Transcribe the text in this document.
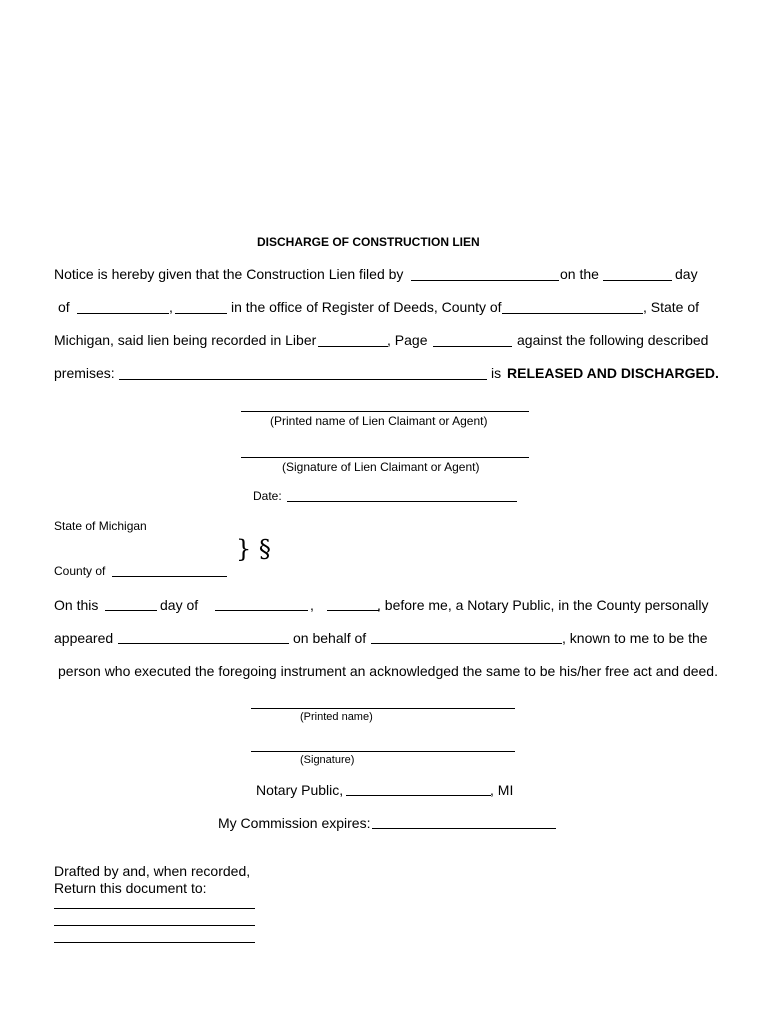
DISCHARGE OF CONSTRUCTION LIEN
Notice is hereby given that the Construction Lien filed by	on the	day
of	,	in the office of Register of Deeds, County of	, State of
Michigan, said lien being recorded in Liber	, Page	against the following described
premises:	is RELEASED AND DISCHARGED.
(Printed name of Lien Claimant or Agent)
(Signature of Lien Claimant or Agent)
Date:
State of Michigan
} §
County of
On this	day of	,	, before me, a Notary Public, in the County personally
appeared	on behalf of	, known to me to be the
person who executed the foregoing instrument an acknowledged the same to be his/her free act and deed.
(Printed name)
(Signature)
Notary Public,	, MI
My Commission expires:
Drafted by and, when recorded,
Return this document to:
